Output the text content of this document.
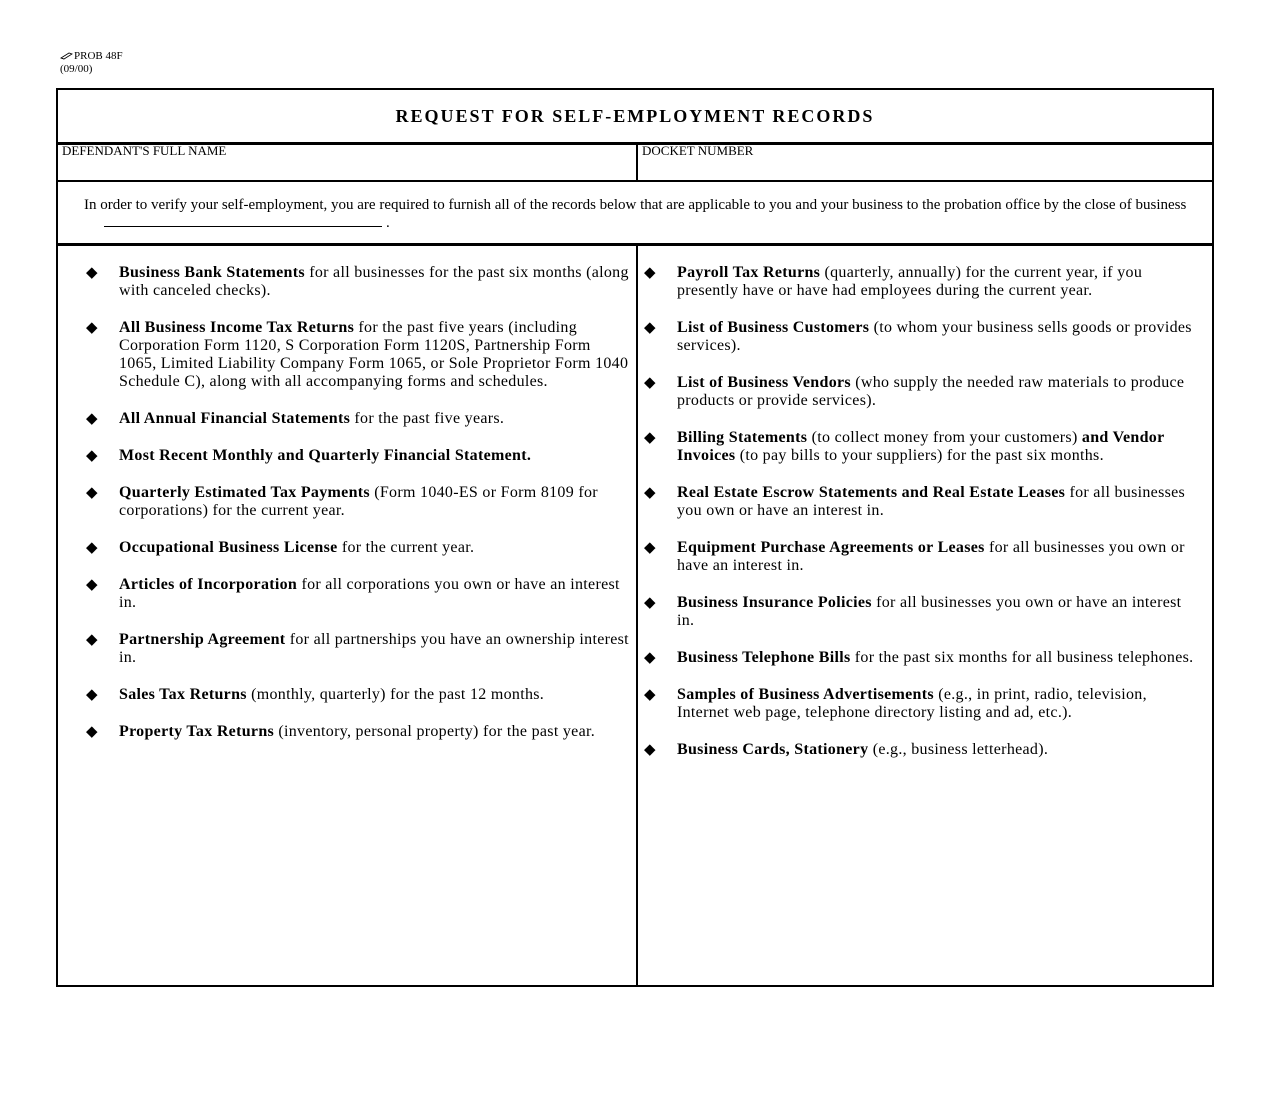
PROB 48F
(09/00)
REQUEST FOR SELF-EMPLOYMENT RECORDS
DEFENDANT'S FULL NAME	DOCKET NUMBER
In order to verify your self-employment, you are required to furnish all of the records below that are applicable to you and your business to the probation office by the close of business.
◆ Business Bank Statements for all businesses for the past six months (along with canceled checks).
◆ All Business Income Tax Returns for the past five years (including Corporation Form 1120, S Corporation Form 1120S, Partnership Form 1065, Limited Liability Company Form 1065, or Sole Proprietor Form 1040 Schedule C), along with all accompanying forms and schedules.
◆ All Annual Financial Statements for the past five years.
◆ Most Recent Monthly and Quarterly Financial Statement.
◆ Quarterly Estimated Tax Payments (Form 1040-ES or Form 8109 for corporations) for the current year.
◆ Occupational Business License for the current year.
◆ Articles of Incorporation for all corporations you own or have an interest in.
◆ Partnership Agreement for all partnerships you have an ownership interest in.
◆ Sales Tax Returns (monthly, quarterly) for the past 12 months.
◆ Property Tax Returns (inventory, personal property) for the past year.
◆ Payroll Tax Returns (quarterly, annually) for the current year, if you presently have or have had employees during the current year.
◆ List of Business Customers (to whom your business sells goods or provides services).
◆ List of Business Vendors (who supply the needed raw materials to produce products or provide services).
◆ Billing Statements (to collect money from your customers) and Vendor Invoices (to pay bills to your suppliers) for the past six months.
◆ Real Estate Escrow Statements and Real Estate Leases for all businesses you own or have an interest in.
◆ Equipment Purchase Agreements or Leases for all businesses you own or have an interest in.
◆ Business Insurance Policies for all businesses you own or have an interest in.
◆ Business Telephone Bills for the past six months for all business telephones.
◆ Samples of Business Advertisements (e.g., in print, radio, television, Internet web page, telephone directory listing and ad, etc.).
◆ Business Cards, Stationery (e.g., business letterhead).
